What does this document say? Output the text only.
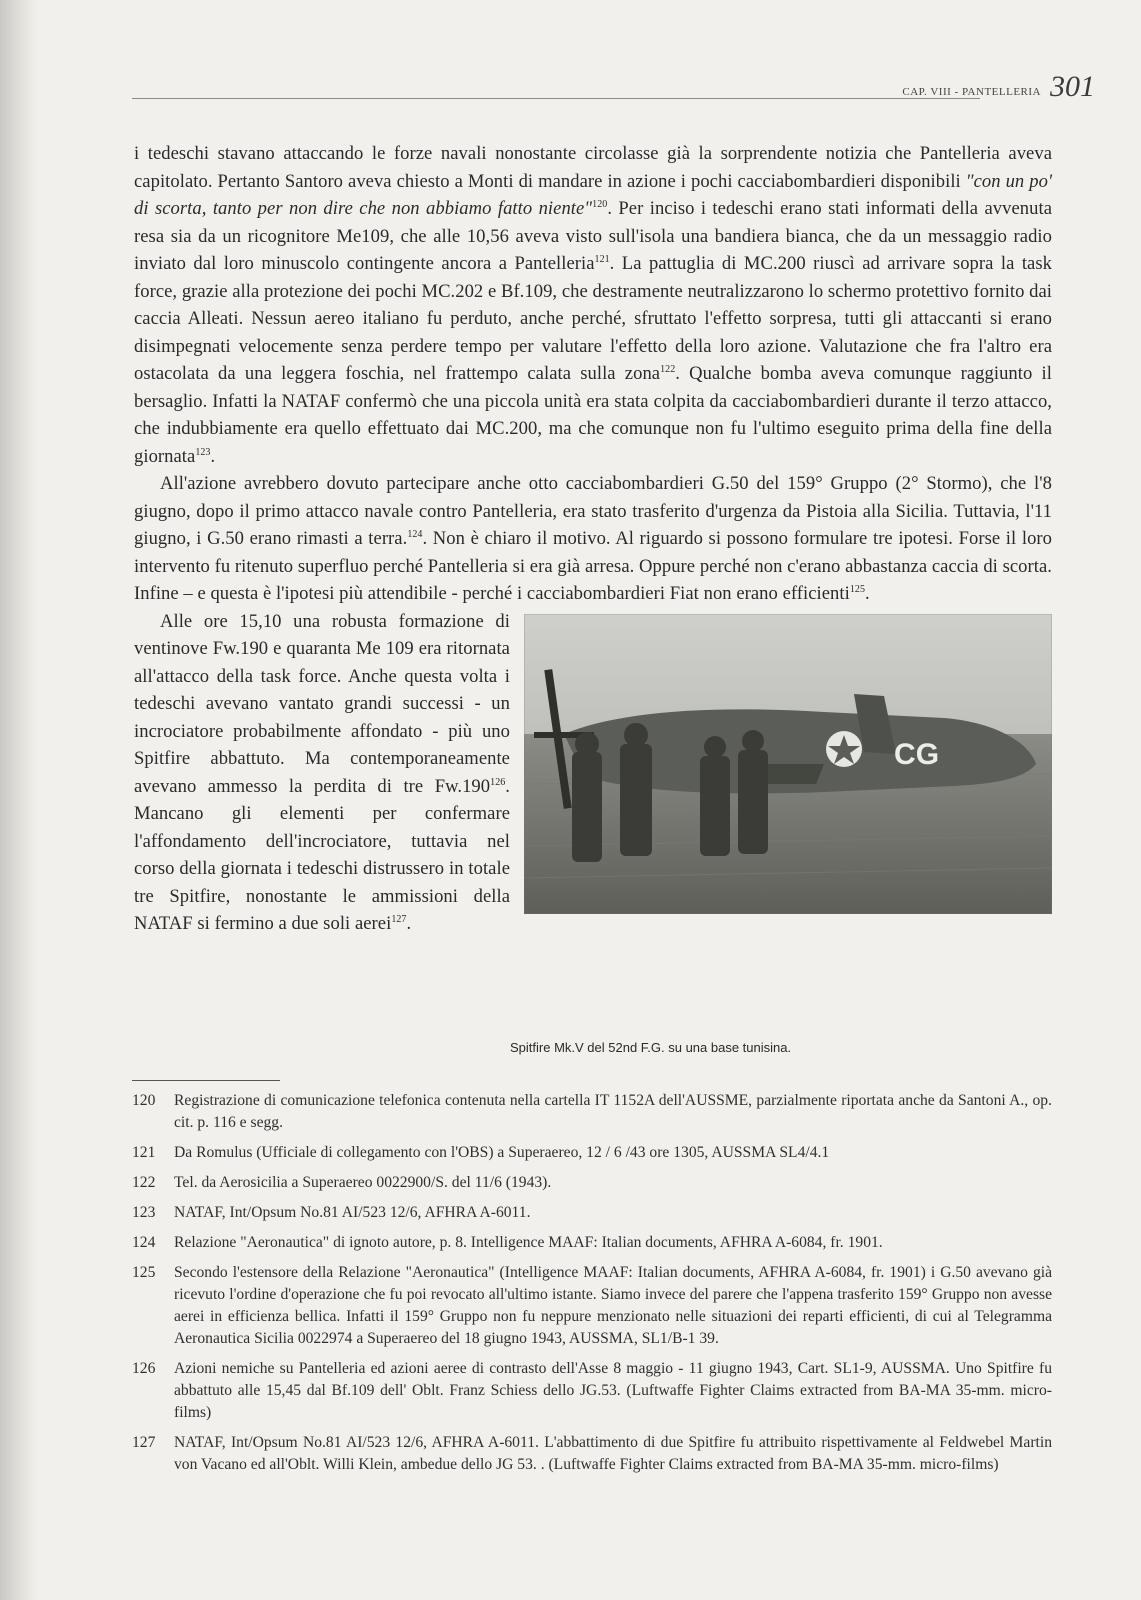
CAP. VIII - PANTELLERIA 301

i tedeschi stavano attaccando le forze navali nonostante circolasse già la sorprendente notizia che Pantelleria aveva capitolato. Pertanto Santoro aveva chiesto a Monti di mandare in azione i pochi cacciabombardieri disponibili "con un po' di scorta, tanto per non dire che non abbiamo fatto niente"$^{120}$. Per inciso i tedeschi erano stati informati della avvenuta resa sia da un ricognitore Me109, che alle 10,56 aveva visto sull'isola una bandiera bianca, che da un messaggio radio inviato dal loro minuscolo contingente ancora a Pantelleria$^{121}$. La pattuglia di MC.200 riuscì ad arrivare sopra la task force, grazie alla protezione dei pochi MC.202 e Bf.109, che destramente neutralizzarono lo schermo protettivo fornito dai caccia Alleati. Nessun aereo italiano fu perduto, anche perché, sfruttato l'effetto sorpresa, tutti gli attaccanti si erano disimpegnati velocemente senza perdere tempo per valutare l'effetto della loro azione. Valutazione che fra l'altro era ostacolata da una leggera foschia, nel frattempo calata sulla zona$^{122}$. Qualche bomba aveva comunque raggiunto il bersaglio. Infatti la NATAF confermò che una piccola unità era stata colpita da cacciabombardieri durante il terzo attacco, che indubbiamente era quello effettuato dai MC.200, ma che comunque non fu l'ultimo eseguito prima della fine della giornata$^{123}$.

All'azione avrebbero dovuto partecipare anche otto cacciabombardieri G.50 del 159° Gruppo (2° Stormo), che l'8 giugno, dopo il primo attacco navale contro Pantelleria, era stato trasferito d'urgenza da Pistoia alla Sicilia. Tuttavia, l'11 giugno, i G.50 erano rimasti a terra.$^{124}$. Non è chiaro il motivo. Al riguardo si possono formulare tre ipotesi. Forse il loro intervento fu ritenuto superfluo perché Pantelleria si era già arresa. Oppure perché non c'erano abbastanza caccia di scorta. Infine – e questa è l'ipotesi più attendibile - perché i cacciabombardieri Fiat non erano efficienti$^{125}$.

CG
Alle ore 15,10 una robusta formazione di ventinove Fw.190 e quaranta Me 109 era ritornata all'attacco della task force. Anche questa volta i tedeschi avevano vantato grandi successi - un incrociatore probabilmente affondato - più uno Spitfire abbattuto. Ma contemporaneamente avevano ammesso la perdita di tre Fw.190$^{126}$. Mancano gli elementi per confermare l'affondamento dell'incrociatore, tuttavia nel corso della giornata i tedeschi distrussero in totale tre Spitfire, nonostante le ammissioni della NATAF si fermino a due soli aerei$^{127}$.

Spitfire Mk.V del 52nd F.G. su una base tunisina.
120	Registrazione di comunicazione telefonica contenuta nella cartella IT 1152A dell'AUSSME, parzialmente riportata anche da Santoni A., op. cit. p. 116 e segg.
121	Da Romulus (Ufficiale di collegamento con l'OBS) a Superaereo, 12 / 6 /43 ore 1305, AUSSMA SL4/4.1
122	Tel. da Aerosicilia a Superaereo 0022900/S. del 11/6 (1943).
123	NATAF, Int/Opsum No.81 AI/523 12/6, AFHRA A-6011.
124	Relazione "Aeronautica" di ignoto autore, p. 8. Intelligence MAAF: Italian documents, AFHRA A-6084, fr. 1901.
125	Secondo l'estensore della Relazione "Aeronautica" (Intelligence MAAF: Italian documents, AFHRA A-6084, fr. 1901) i G.50 avevano già ricevuto l'ordine d'operazione che fu poi revocato all'ultimo istante. Siamo invece del parere che l'appena trasferito 159° Gruppo non avesse aerei in efficienza bellica. Infatti il 159° Gruppo non fu neppure menzionato nelle situazioni dei reparti efficienti, di cui al Telegramma Aeronautica Sicilia 0022974 a Superaereo del 18 giugno 1943, AUSSMA, SL1/B-1 39.
126	Azioni nemiche su Pantelleria ed azioni aeree di contrasto dell'Asse 8 maggio - 11 giugno 1943, Cart. SL1-9, AUSSMA. Uno Spitfire fu abbattuto alle 15,45 dal Bf.109 dell' Oblt. Franz Schiess dello JG.53. (Luftwaffe Fighter Claims extracted from BA-MA 35-mm. micro-films)
127	NATAF, Int/Opsum No.81 AI/523 12/6, AFHRA A-6011. L'abbattimento di due Spitfire fu attribuito rispettivamente al Feldwebel Martin von Vacano ed all'Oblt. Willi Klein, ambedue dello JG 53. . (Luftwaffe Fighter Claims extracted from BA-MA 35-mm. micro-films)
